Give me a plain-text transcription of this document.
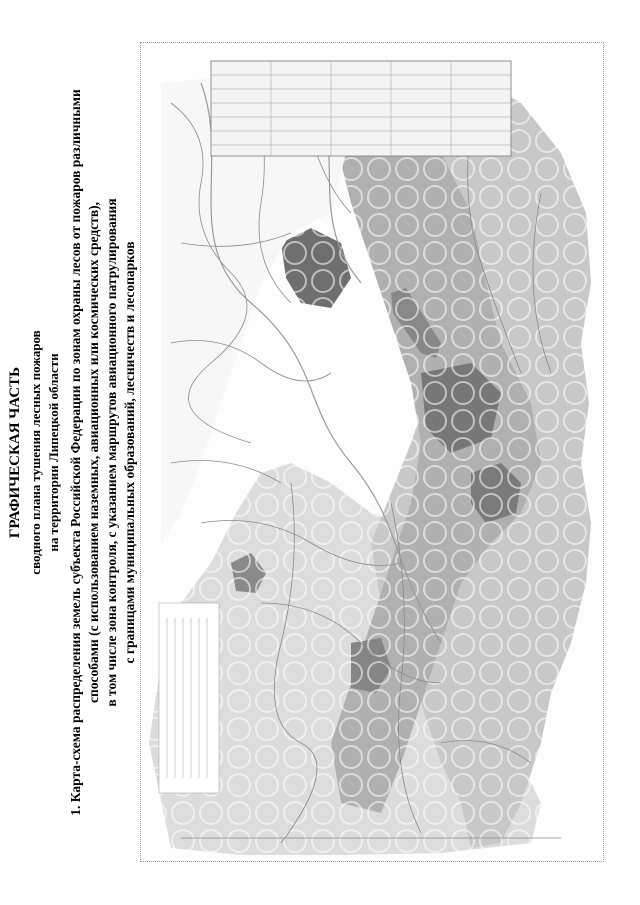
ГРАФИЧЕСКАЯ ЧАСТЬ сводного плана тушения лесных пожаров на территории Липецкой области 1. Карта-схема распределения земель субъекта Российской Федерации по зонам охраны лесов от пожаров различными способами (с использованием наземных, авиационных или космических средств), в том числе зона контроля, с указанием маршрутов авиационного патрулирования с границами муниципальных образований, лесничеств и лесопарков
